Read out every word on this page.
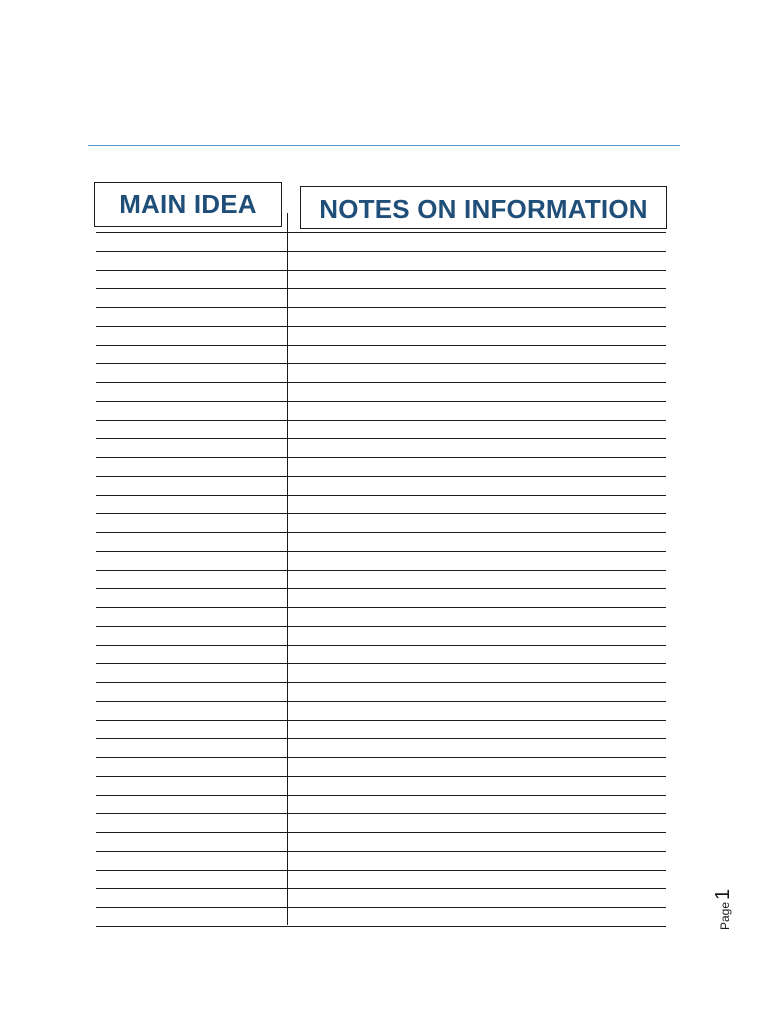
MAIN IDEA NOTES ON INFORMATION
Page
1
